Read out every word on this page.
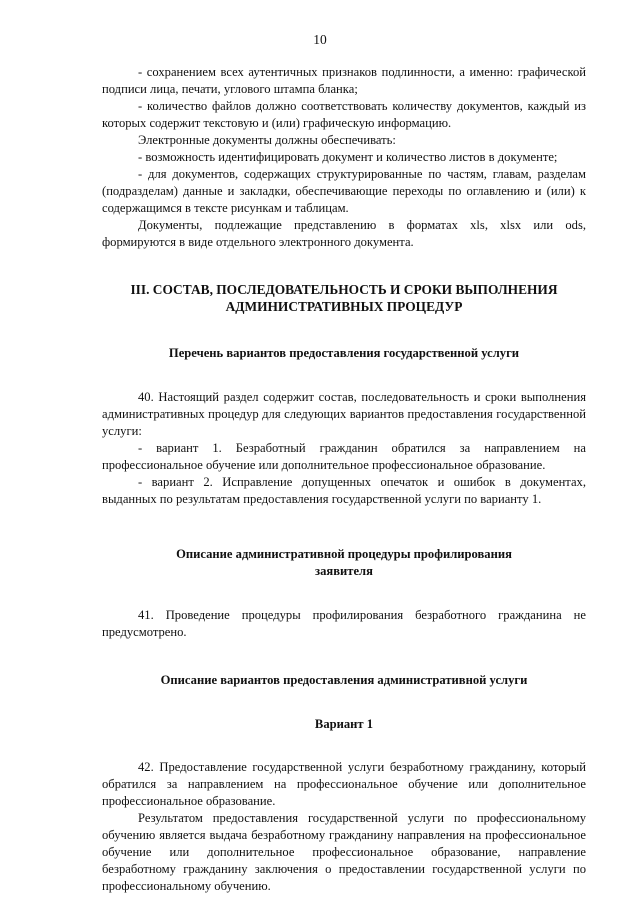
10

- сохранением всех аутентичных признаков подлинности, а именно: графической подписи лица, печати, углового штампа бланка;

- количество файлов должно соответствовать количеству документов, каждый из которых содержит текстовую и (или) графическую информацию.

Электронные документы должны обеспечивать:

- возможность идентифицировать документ и количество листов в документе;

- для документов, содержащих структурированные по частям, главам, разделам (подразделам) данные и закладки, обеспечивающие переходы по оглавлению и (или) к содержащимся в тексте рисункам и таблицам.

Документы, подлежащие представлению в форматах xls, xlsx или ods, формируются в виде отдельного электронного документа.

III. СОСТАВ, ПОСЛЕДОВАТЕЛЬНОСТЬ И СРОКИ ВЫПОЛНЕНИЯ
АДМИНИСТРАТИВНЫХ ПРОЦЕДУР
Перечень вариантов предоставления государственной услуги

40. Настоящий раздел содержит состав, последовательность и сроки выполнения административных процедур для следующих вариантов предоставления государственной услуги:

- вариант 1. Безработный гражданин обратился за направлением на профессиональное обучение или дополнительное профессиональное образование.

- вариант 2. Исправление допущенных опечаток и ошибок в документах, выданных по результатам предоставления государственной услуги по варианту 1.

Описание административной процедуры профилирования
заявителя

41. Проведение процедуры профилирования безработного гражданина не предусмотрено.

Описание вариантов предоставления административной услуги
Вариант 1

42. Предоставление государственной услуги безработному гражданину, который обратился за направлением на профессиональное обучение или дополнительное профессиональное образование.

Результатом предоставления государственной услуги по профессиональному обучению является выдача безработному гражданину направления на профессиональное обучение или дополнительное профессиональное образование, направление безработному гражданину заключения о предоставлении государственной услуги по профессиональному обучению.
